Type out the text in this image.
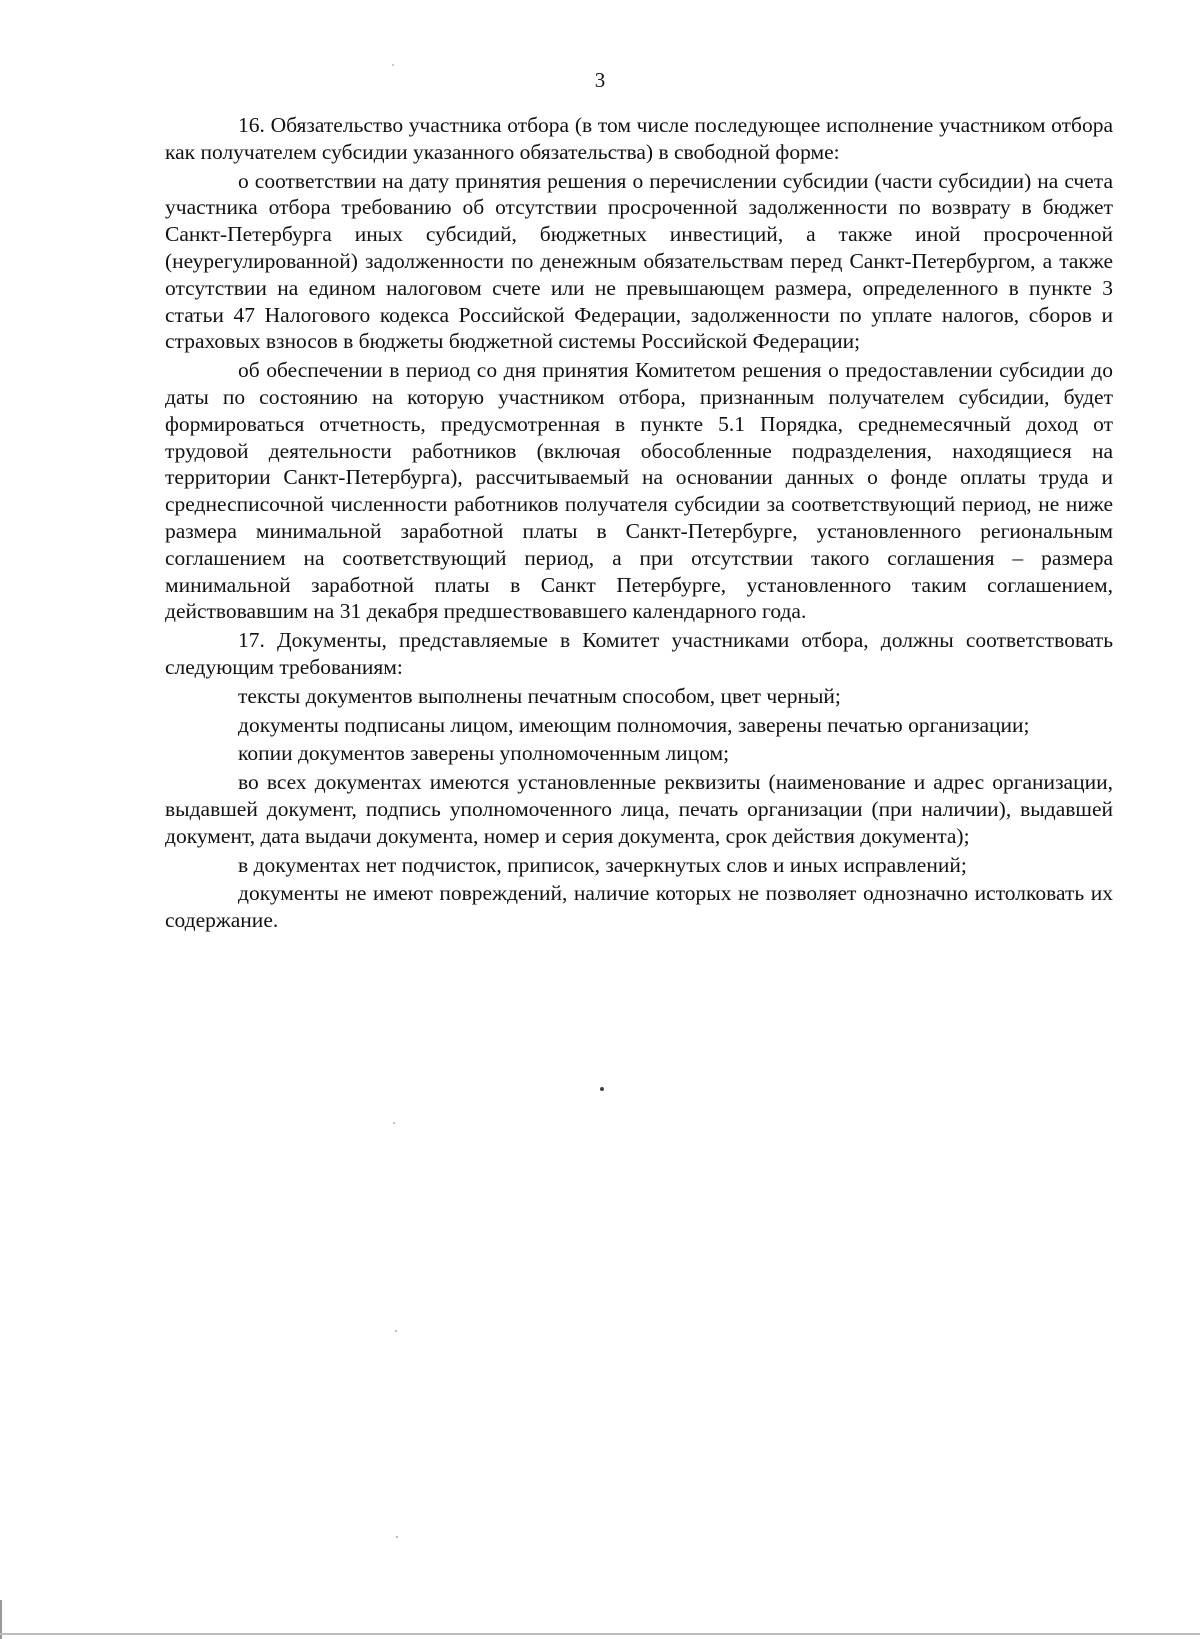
3

16. Обязательство участника отбора (в том числе последующее исполнение участником отбора как получателем субсидии указанного обязательства) в свободной форме:

о соответствии на дату принятия решения о перечислении субсидии (части субсидии) на счета участника отбора требованию об отсутствии просроченной задолженности по возврату в бюджет Санкт-Петербурга иных субсидий, бюджетных инвестиций, а также иной просроченной (неурегулированной) задолженности по денежным обязательствам перед Санкт-Петербургом, а также отсутствии на едином налоговом счете или не превышающем размера, определенного в пункте 3 статьи 47 Налогового кодекса Российской Федерации, задолженности по уплате налогов, сборов и страховых взносов в бюджеты бюджетной системы Российской Федерации;

об обеспечении в период со дня принятия Комитетом решения о предоставлении субсидии до даты по состоянию на которую участником отбора, признанным получателем субсидии, будет формироваться отчетность, предусмотренная в пункте 5.1 Порядка, среднемесячный доход от трудовой деятельности работников (включая обособленные подразделения, находящиеся на территории Санкт-Петербурга), рассчитываемый на основании данных о фонде оплаты труда и среднесписочной численности работников получателя субсидии за соответствующий период, не ниже размера минимальной заработной платы в Санкт-Петербурге, установленного региональным соглашением на соответствующий период, а при отсутствии такого соглашения – размера минимальной заработной платы в Санкт Петербурге, установленного таким соглашением, действовавшим на 31 декабря предшествовавшего календарного года.

17. Документы, представляемые в Комитет участниками отбора, должны соответствовать следующим требованиям:

тексты документов выполнены печатным способом, цвет черный;

документы подписаны лицом, имеющим полномочия, заверены печатью организации;

копии документов заверены уполномоченным лицом;

во всех документах имеются установленные реквизиты (наименование и адрес организации, выдавшей документ, подпись уполномоченного лица, печать организации (при наличии), выдавшей документ, дата выдачи документа, номер и серия документа, срок действия документа);

в документах нет подчисток, приписок, зачеркнутых слов и иных исправлений;

документы не имеют повреждений, наличие которых не позволяет однозначно истолковать их содержание.
